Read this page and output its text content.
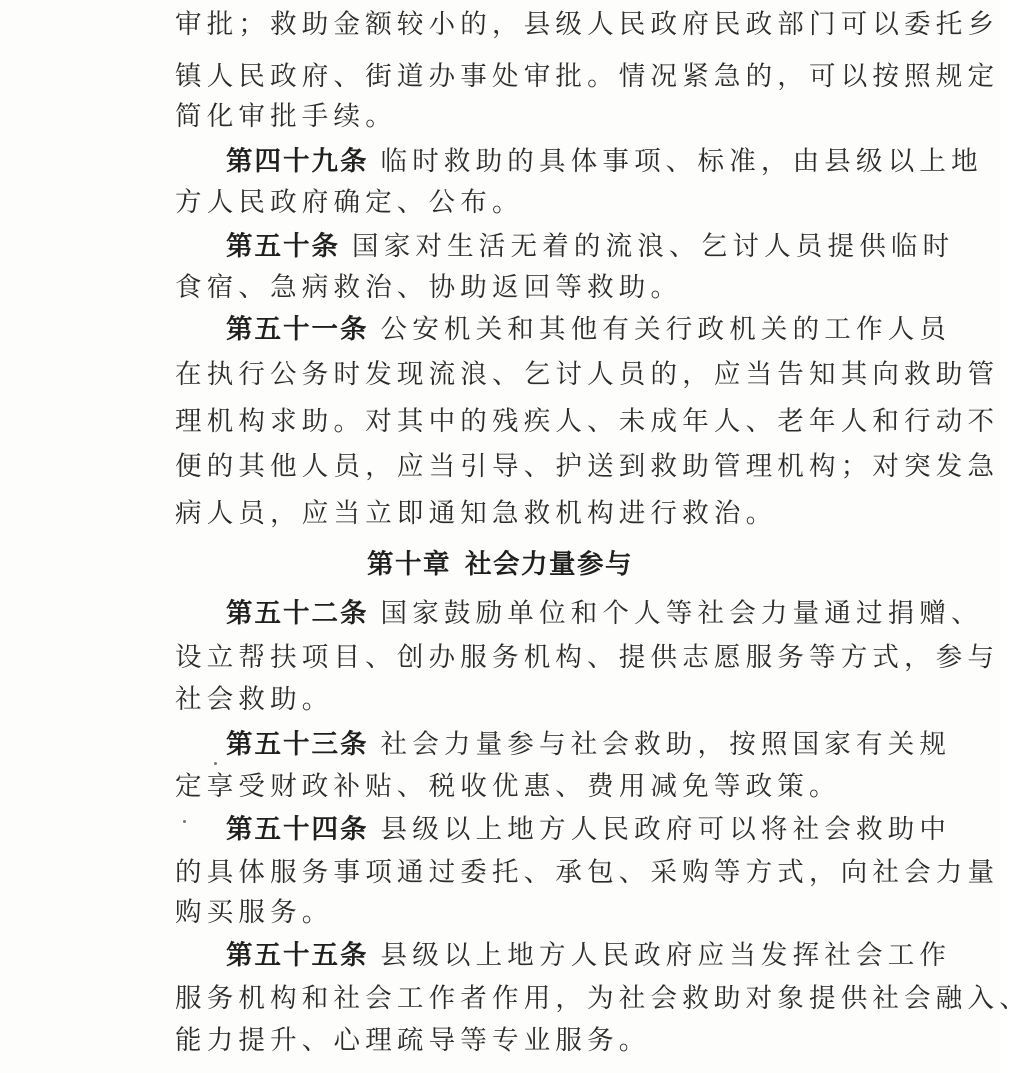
审批；救助金额较小的，县级人民政府民政部门可以委托乡
镇人民政府、街道办事处审批。情况紧急的，可以按照规定
简化审批手续。
第四十九条 临时救助的具体事项、标准，由县级以上地
方人民政府确定、公布。
第五十条 国家对生活无着的流浪、乞讨人员提供临时
食宿、急病救治、协助返回等救助。
第五十一条 公安机关和其他有关行政机关的工作人员
在执行公务时发现流浪、乞讨人员的，应当告知其向救助管
理机构求助。对其中的残疾人、未成年人、老年人和行动不
便的其他人员，应当引导、护送到救助管理机构；对突发急
病人员，应当立即通知急救机构进行救治。
第十章 社会力量参与
第五十二条 国家鼓励单位和个人等社会力量通过捐赠、
设立帮扶项目、创办服务机构、提供志愿服务等方式，参与
社会救助。
第五十三条 社会力量参与社会救助，按照国家有关规
定享受财政补贴、税收优惠、费用减免等政策。
第五十四条 县级以上地方人民政府可以将社会救助中
的具体服务事项通过委托、承包、采购等方式，向社会力量
购买服务。
第五十五条 县级以上地方人民政府应当发挥社会工作
服务机构和社会工作者作用，为社会救助对象提供社会融入、
能力提升、心理疏导等专业服务。
